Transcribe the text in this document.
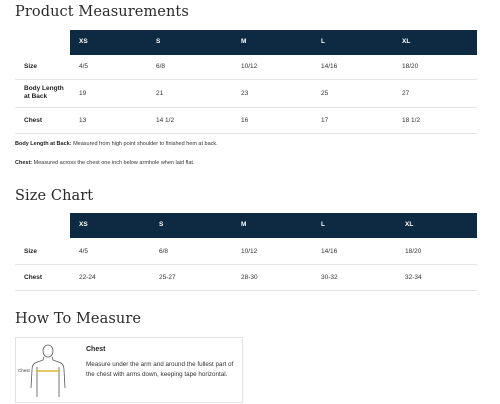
Product Measurements
XS	S	M	L	XL
Size	4/5	6/8	10/12	14/16	18/20
Body Length at Back	19	21	23	25	27
Chest	13	14 1/2	16	17	18 1/2
Body Length at Back: Measured from high point shoulder to finished hem at back.
Chest: Measured across the chest one inch below armhole when laid flat.
Size Chart
XS	S	M	L	XL
Size	4/5	6/8	10/12	14/16	18/20
Chest	22-24	25-27	28-30	30-32	32-34
How To Measure
Chest
Chest
Measure under the arm and around the fullest part of the chest with arms down, keeping tape horizontal.
